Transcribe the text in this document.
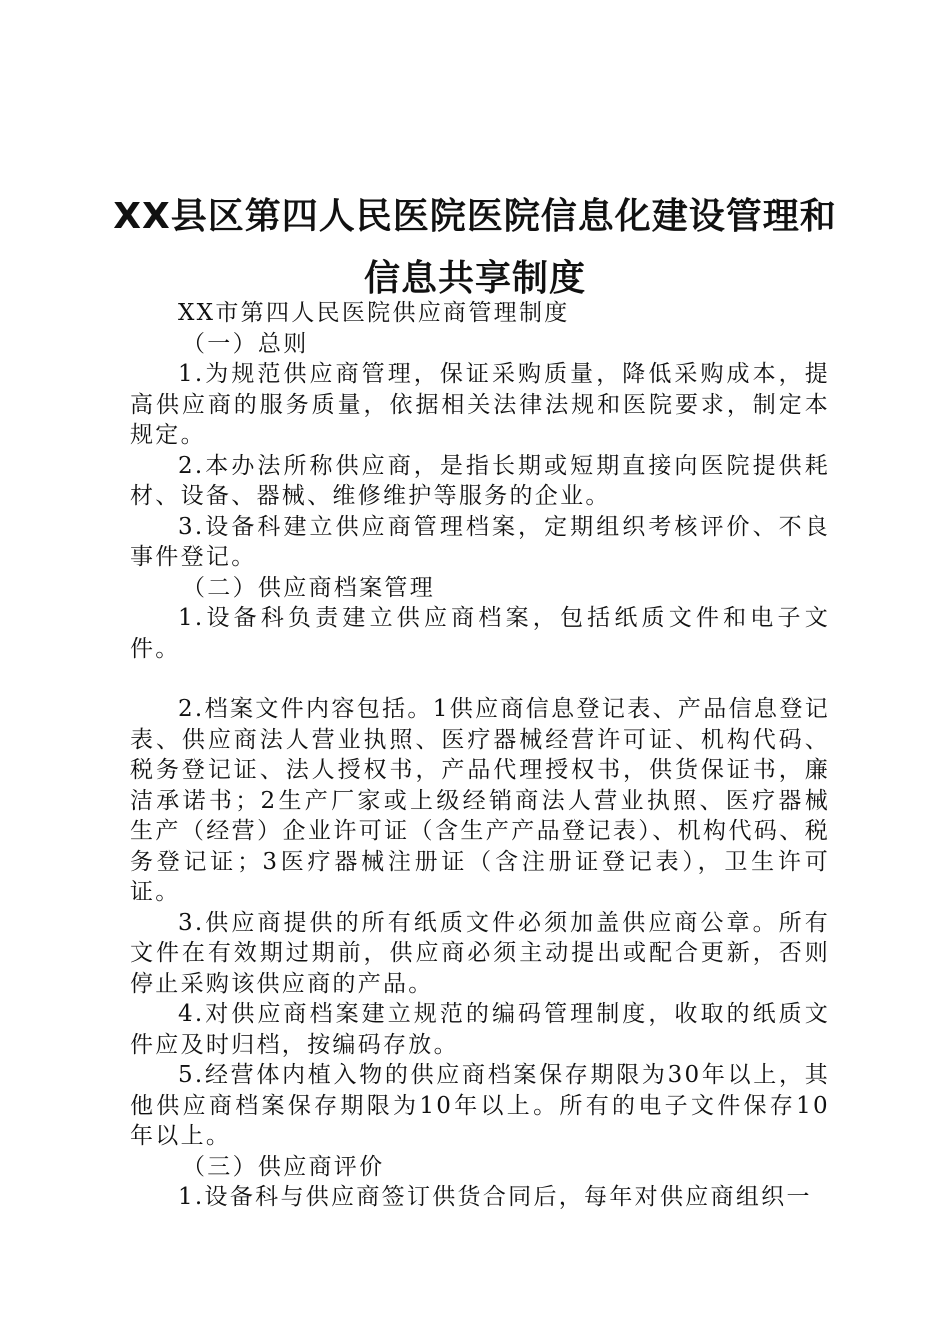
XX县区第四人民医院医院信息化建设管理和
信息共享制度

XX市第四人民医院供应商管理制度

（一）总则

1.为规范供应商管理，保证采购质量，降低采购成本，提高供应商的服务质量，依据相关法律法规和医院要求，制定本规定。

2.本办法所称供应商，是指长期或短期直接向医院提供耗材、设备、器械、维修维护等服务的企业。

3.设备科建立供应商管理档案，定期组织考核评价、不良事件登记。

（二）供应商档案管理

1.设备科负责建立供应商档案，包括纸质文件和电子文件。

2.档案文件内容包括。1供应商信息登记表、产品信息登记表、供应商法人营业执照、医疗器械经营许可证、机构代码、税务登记证、法人授权书，产品代理授权书，供货保证书，廉洁承诺书；2生产厂家或上级经销商法人营业执照、医疗器械生产（经营）企业许可证（含生产产品登记表）、机构代码、税务登记证；3医疗器械注册证（含注册证登记表），卫生许可证。

3.供应商提供的所有纸质文件必须加盖供应商公章。所有文件在有效期过期前，供应商必须主动提出或配合更新，否则停止采购该供应商的产品。

4.对供应商档案建立规范的编码管理制度，收取的纸质文件应及时归档，按编码存放。

5.经营体内植入物的供应商档案保存期限为30年以上，其他供应商档案保存期限为10年以上。所有的电子文件保存10年以上。

（三）供应商评价

1.设备科与供应商签订供货合同后，每年对供应商组织一
